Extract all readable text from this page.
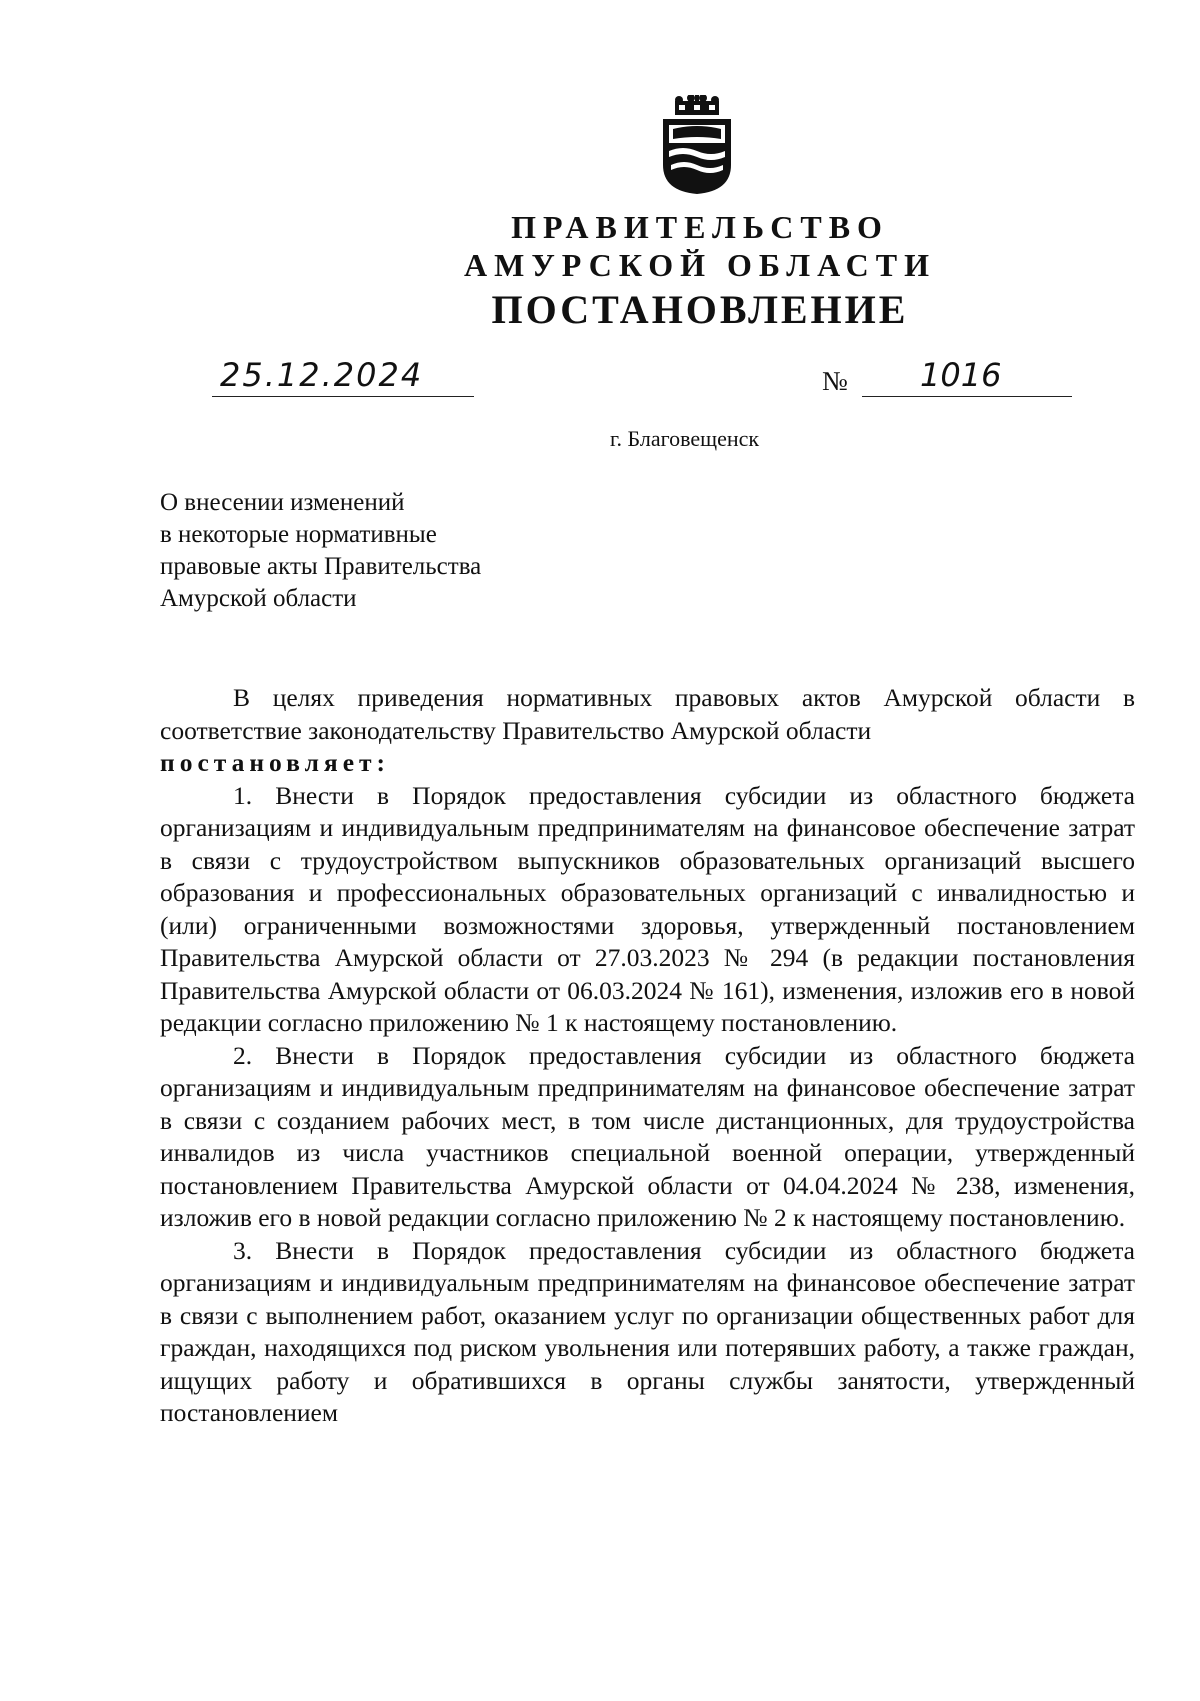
ПРАВИТЕЛЬСТВО
АМУРСКОЙ ОБЛАСТИ
ПОСТАНОВЛЕНИЕ
25.12.2024	№	1016
г. Благовещенск
О внесении изменений
в некоторые нормативные
правовые акты Правительства
Амурской области

В целях приведения нормативных правовых актов Амурской области в соответствие законодательству Правительство Амурской области

постановляет:

1. Внести в Порядок предоставления субсидии из областного бюджета организациям и индивидуальным предпринимателям на финансовое обеспечение затрат в связи с трудоустройством выпускников образовательных организаций высшего образования и профессиональных образовательных организаций с инвалидностью и (или) ограниченными возможностями здоровья, утвержденный постановлением Правительства Амурской области от 27.03.2023 № 294 (в редакции постановления Правительства Амурской области от 06.03.2024 № 161), изменения, изложив его в новой редакции согласно приложению № 1 к настоящему постановлению.

2. Внести в Порядок предоставления субсидии из областного бюджета организациям и индивидуальным предпринимателям на финансовое обеспечение затрат в связи с созданием рабочих мест, в том числе дистанционных, для трудоустройства инвалидов из числа участников специальной военной операции, утвержденный постановлением Правительства Амурской области от 04.04.2024 № 238, изменения, изложив его в новой редакции согласно приложению № 2 к настоящему постановлению.

3. Внести в Порядок предоставления субсидии из областного бюджета организациям и индивидуальным предпринимателям на финансовое обеспечение затрат в связи с выполнением работ, оказанием услуг по организации общественных работ для граждан, находящихся под риском увольнения или потерявших работу, а также граждан, ищущих работу и обратившихся в органы службы занятости, утвержденный постановлением
